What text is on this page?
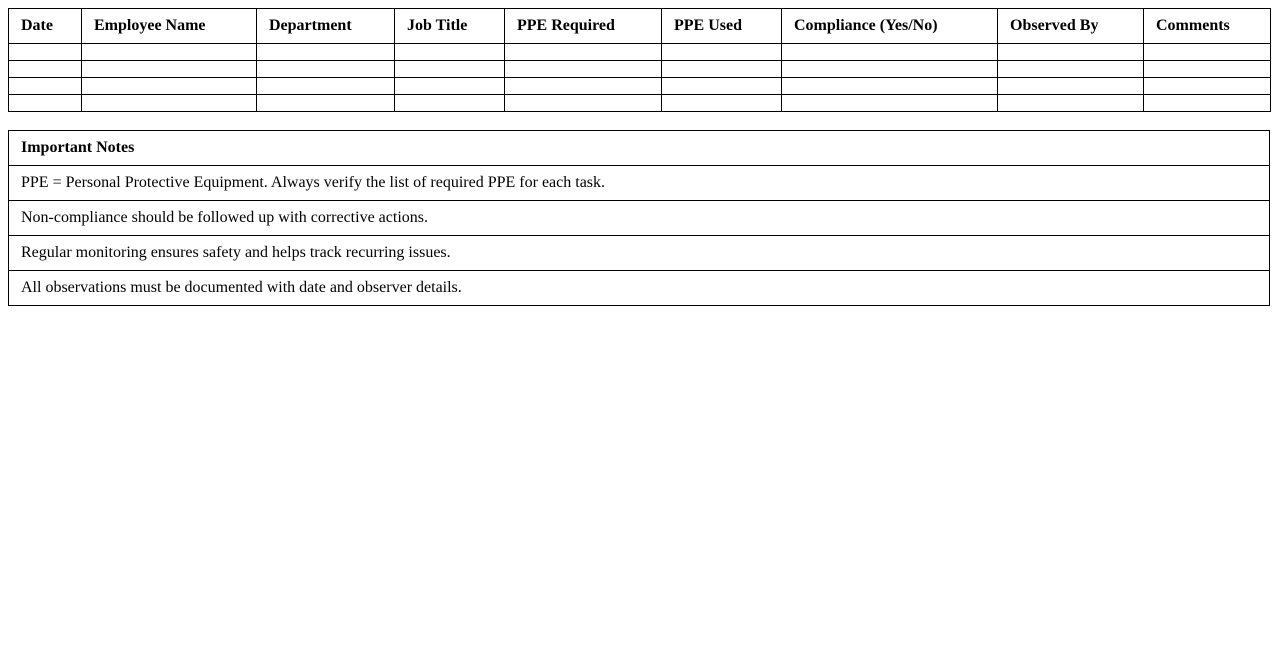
Date	Employee Name	Department	Job Title	PPE Required	PPE Used	Compliance (Yes/No)	Observed By	Comments

Important Notes
PPE = Personal Protective Equipment. Always verify the list of required PPE for each task.
Non-compliance should be followed up with corrective actions.
Regular monitoring ensures safety and helps track recurring issues.
All observations must be documented with date and observer details.
